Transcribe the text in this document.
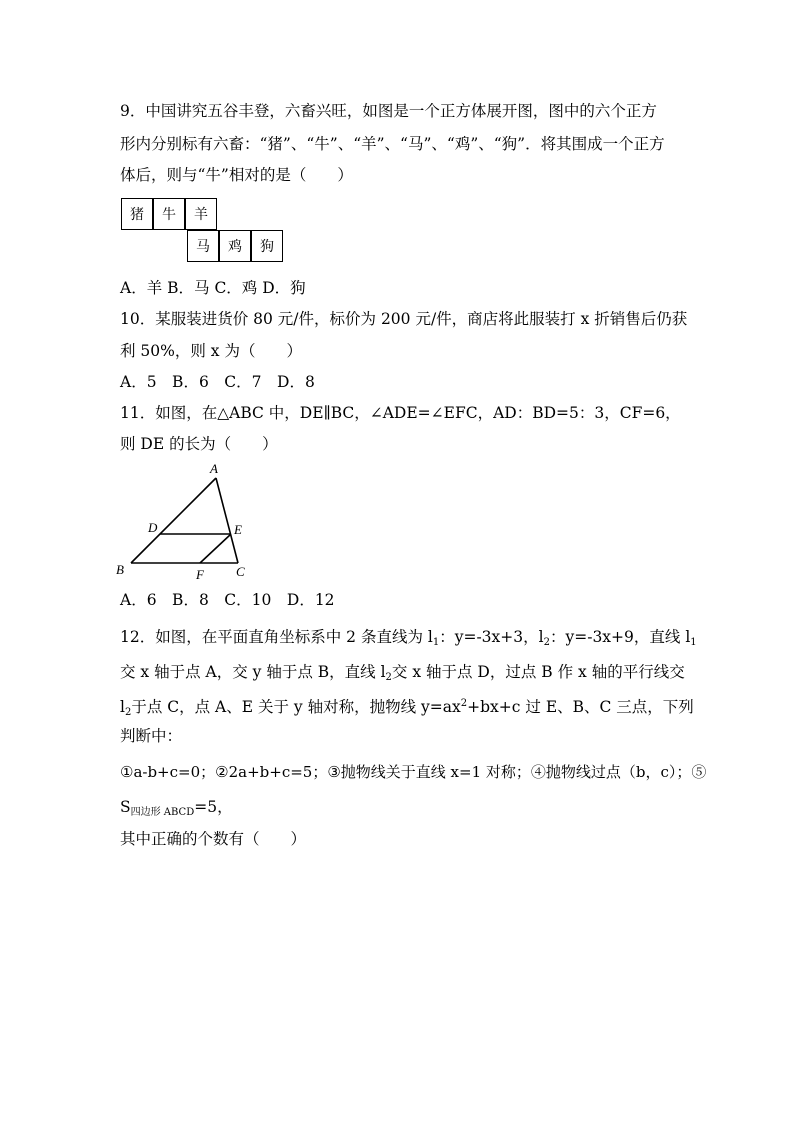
9．中国讲究五谷丰登，六畜兴旺，如图是一个正方体展开图，图中的六个正方
形内分别标有六畜：“猪”、“牛”、“羊”、“马”、“鸡”、“狗”．将其围成一个正方
体后，则与“牛”相对的是（　　）
猪	牛	羊
马	鸡	狗
A．羊 B．马 C．鸡 D．狗
10．某服装进货价 80 元/件，标价为 200 元/件，商店将此服装打 x 折销售后仍获
利 50%，则 x 为（　　）
A．5　B．6　C．7　D．8
11．如图，在△ABC 中，DE∥BC，∠ADE=∠EFC，AD：BD=5：3，CF=6，
则 DE 的长为（　　）
A
B	C
D	E
F
A．6　B．8　C．10　D．12
12．如图，在平面直角坐标系中 2 条直线为 $l_1$：y=-3x+3，$l_2$：y=-3x+9，直线 $l_1$
交 x 轴于点 A，交 y 轴于点 B，直线 $l_2$交 x 轴于点 D，过点 B 作 x 轴的平行线交
$l_2$于点 C，点 A、E 关于 y 轴对称，抛物线 $y=ax^2+bx+c$ 过 E、B、C 三点，下列
判断中：
①a-b+c=0；②2a+b+c=5；③抛物线关于直线 x=1 对称；④抛物线过点（b，c）；⑤
$S_{四边形 ABCD}=5$，
其中正确的个数有（　　）
